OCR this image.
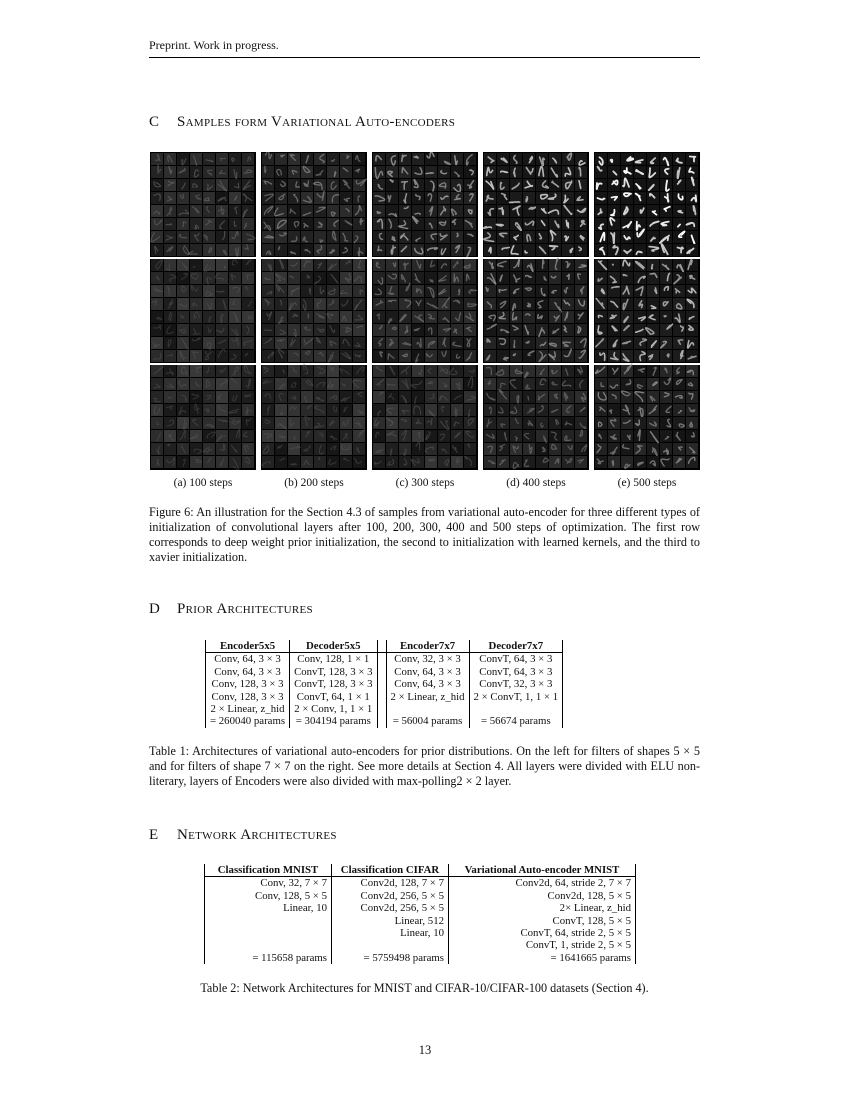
Preprint. Work in progress.
C Samples form Variational Auto-encoders
(a) 100 steps	(b) 200 steps	(c) 300 steps	(d) 400 steps	(e) 500 steps
Figure 6: An illustration for the Section 4.3 of samples from variational auto-encoder for three different types of initialization of convolutional layers after 100, 200, 300, 400 and 500 steps of optimization. The first row corresponds to deep weight prior initialization, the second to initialization with learned kernels, and the third to xavier initialization.
D Prior Architectures
Encoder5x5	Decoder5x5		Encoder7x7	Decoder7x7
Conv, 64, 3 × 3	Conv, 128, 1 × 1		Conv, 32, 3 × 3	ConvT, 64, 3 × 3
Conv, 64, 3 × 3	ConvT, 128, 3 × 3		Conv, 64, 3 × 3	ConvT, 64, 3 × 3
Conv, 128, 3 × 3	ConvT, 128, 3 × 3		Conv, 64, 3 × 3	ConvT, 32, 3 × 3
Conv, 128, 3 × 3	ConvT, 64, 1 × 1		2 × Linear, z_hid	2 × ConvT, 1, 1 × 1
2 × Linear, z_hid	2 × Conv, 1, 1 × 1			
= 260040 params	= 304194 params		= 56004 params	= 56674 params
Table 1: Architectures of variational auto-encoders for prior distributions. On the left for filters of shapes 5 × 5 and for filters of shape 7 × 7 on the right. See more details at Section 4. All layers were divided with ELU non-literary, layers of Encoders were also divided with max-polling2 × 2 layer.
E Network Architectures
Classification MNIST	Classification CIFAR	Variational Auto-encoder MNIST
Conv, 32, 7 × 7	Conv2d, 128, 7 × 7	Conv2d, 64, stride 2, 7 × 7
Conv, 128, 5 × 5	Conv2d, 256, 5 × 5	Conv2d, 128, 5 × 5
Linear, 10	Conv2d, 256, 5 × 5	2× Linear, z_hid
	Linear, 512	ConvT, 128, 5 × 5
	Linear, 10	ConvT, 64, stride 2, 5 × 5
		ConvT, 1, stride 2, 5 × 5
= 115658 params	= 5759498 params	= 1641665 params
Table 2: Network Architectures for MNIST and CIFAR-10/CIFAR-100 datasets (Section 4).
13
